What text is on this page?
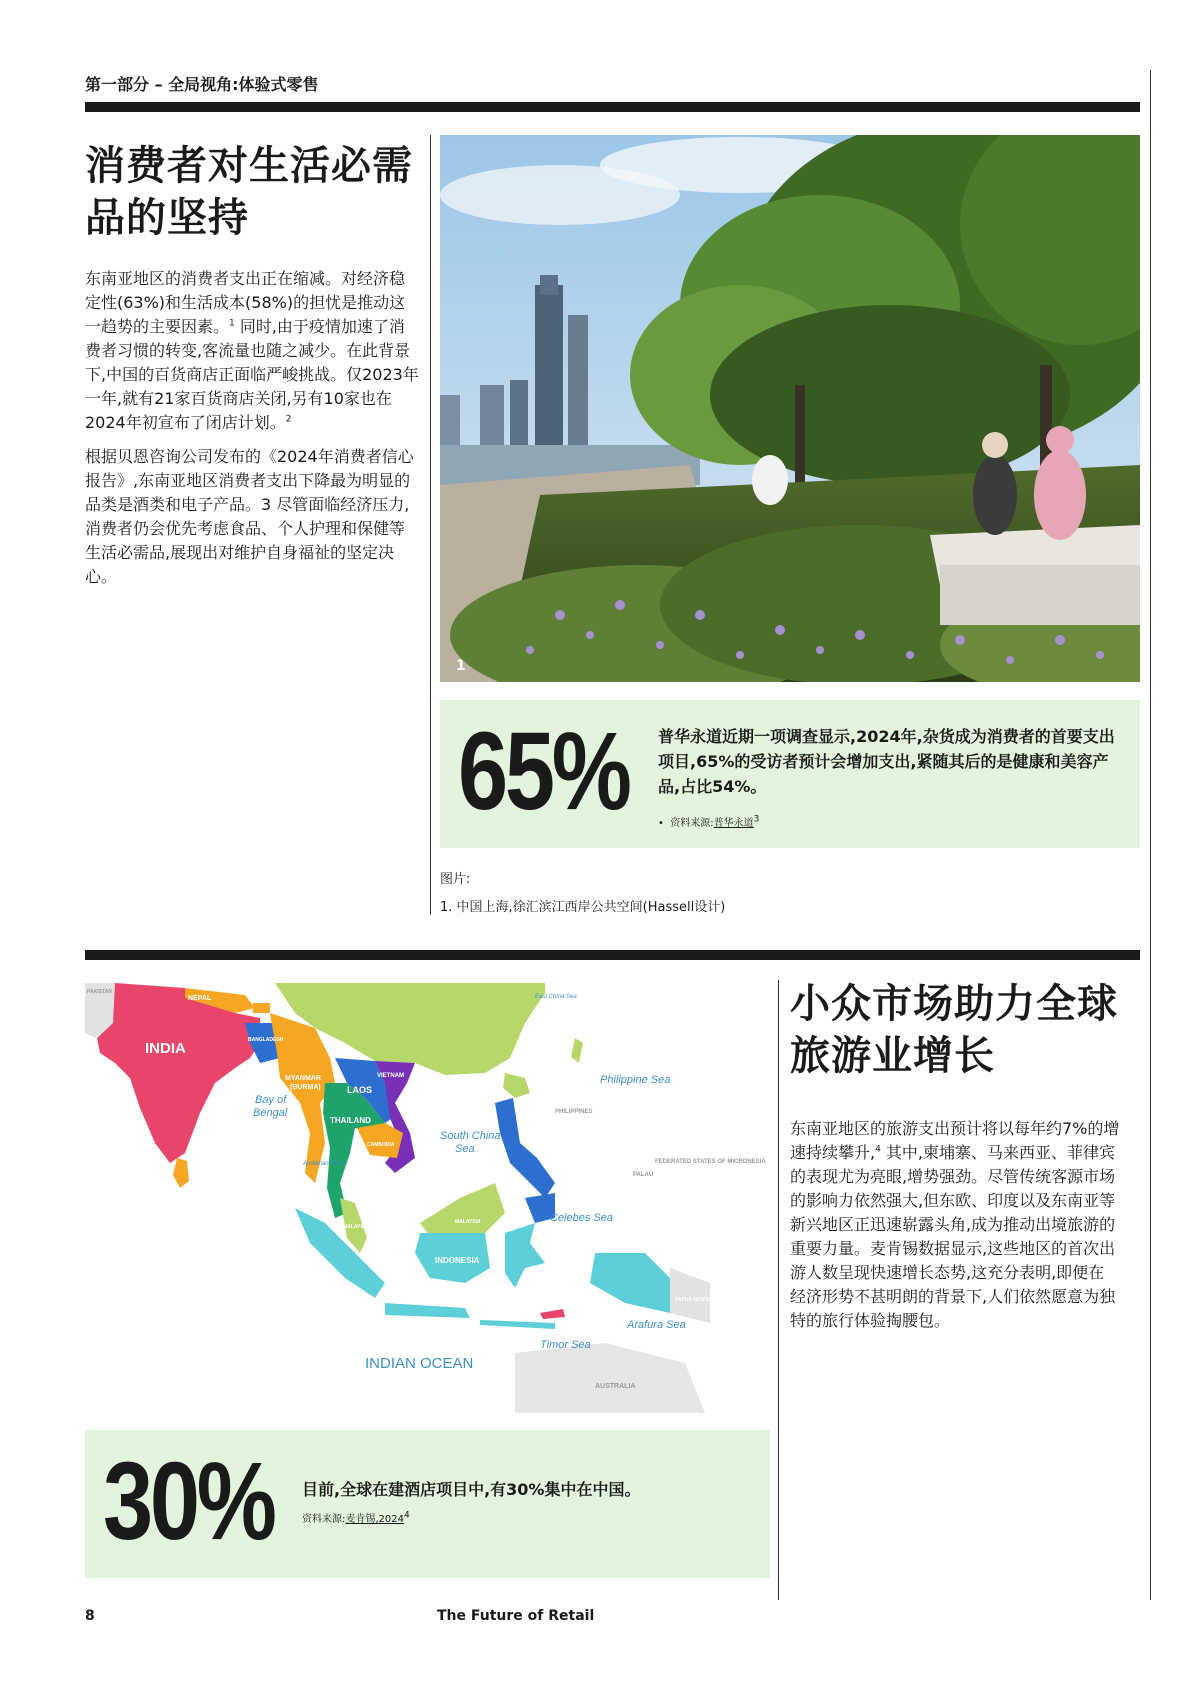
第一部分 – 全局视角:体验式零售
消费者对生活必需
品的坚持

东南亚地区的消费者支出正在缩减。对经济稳定性(63%)和生活成本(58%)的担忧是推动这一趋势的主要因素。$^1$ 同时,由于疫情加速了消费者习惯的转变,客流量也随之减少。在此背景下,中国的百货商店正面临严峻挑战。仅2023年一年,就有21家百货商店关闭,另有10家也在2024年初宣布了闭店计划。$^2$

根据贝恩咨询公司发布的《2024年消费者信心报告》,东南亚地区消费者支出下降最为明显的品类是酒类和电子产品。3 尽管面临经济压力,消费者仍会优先考虑食品、个人护理和保健等生活必需品,展现出对维护自身福祉的坚定决心。

1
65% 普华永道近期一项调查显示,2024年,杂货成为消费者的首要支出项目,65%的受访者预计会增加支出,紧随其后的是健康和美容产品,占比54%。
•  资料来源:普华永道$^3$
图片:
1. 中国上海,徐汇滨江西岸公共空间(Hassell设计)
INDIA
NEPAL
BANGLADESH
MYANMAR
(BURMA)	LAOS
VIETNAM
THAILAND
CAMBODIA
MALAYSIA
MALAYSIA
INDONESIA
PAPUA NEW GUINEA
AUSTRALIA
PAKISTAN
PHILIPPINES
FEDERATED STATES OF MICRONESIA
PALAU
Bay of
Bengal
South China
Sea
Philippine Sea
Celebes Sea
Arafura Sea
Timor Sea
East China Sea
Andaman Sea
INDIAN OCEAN
小众市场助力全球
旅游业增长

东南亚地区的旅游支出预计将以每年约7%的增速持续攀升,$^4$ 其中,柬埔寨、马来西亚、菲律宾的表现尤为亮眼,增势强劲。尽管传统客源市场的影响力依然强大,但东欧、印度以及东南亚等新兴地区正迅速崭露头角,成为推动出境旅游的重要力量。麦肯锡数据显示,这些地区的首次出游人数呈现快速增长态势,这充分表明,即便在经济形势不甚明朗的背景下,人们依然愿意为独特的旅行体验掏腰包。

30% 目前,全球在建酒店项目中,有30%集中在中国。
资料来源:麦肯锡,2024$^4$
8	The Future of Retail
